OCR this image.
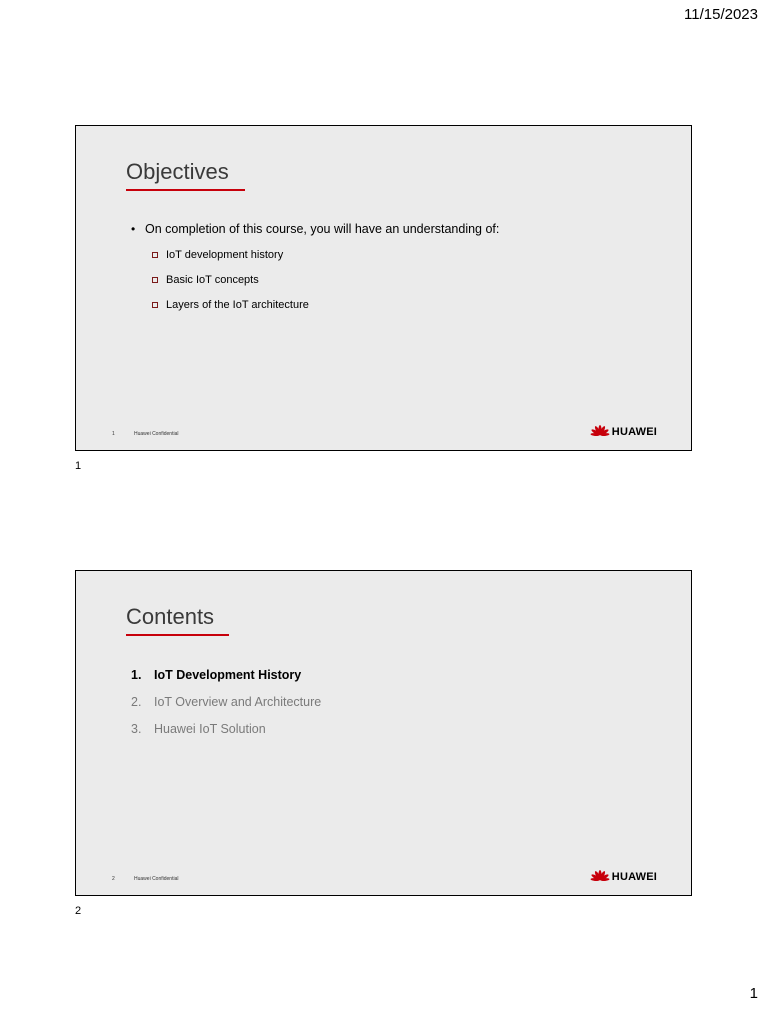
11/15/2023
Objectives
• On completion of this course, you will have an understanding of:
IoT development history
Basic IoT concepts
Layers of the IoT architecture
1	Huawei Confidential	HUAWEI
1
Contents
1.	IoT Development History
2.	IoT Overview and Architecture
3.	Huawei IoT Solution
2	Huawei Confidential	HUAWEI
2
1
